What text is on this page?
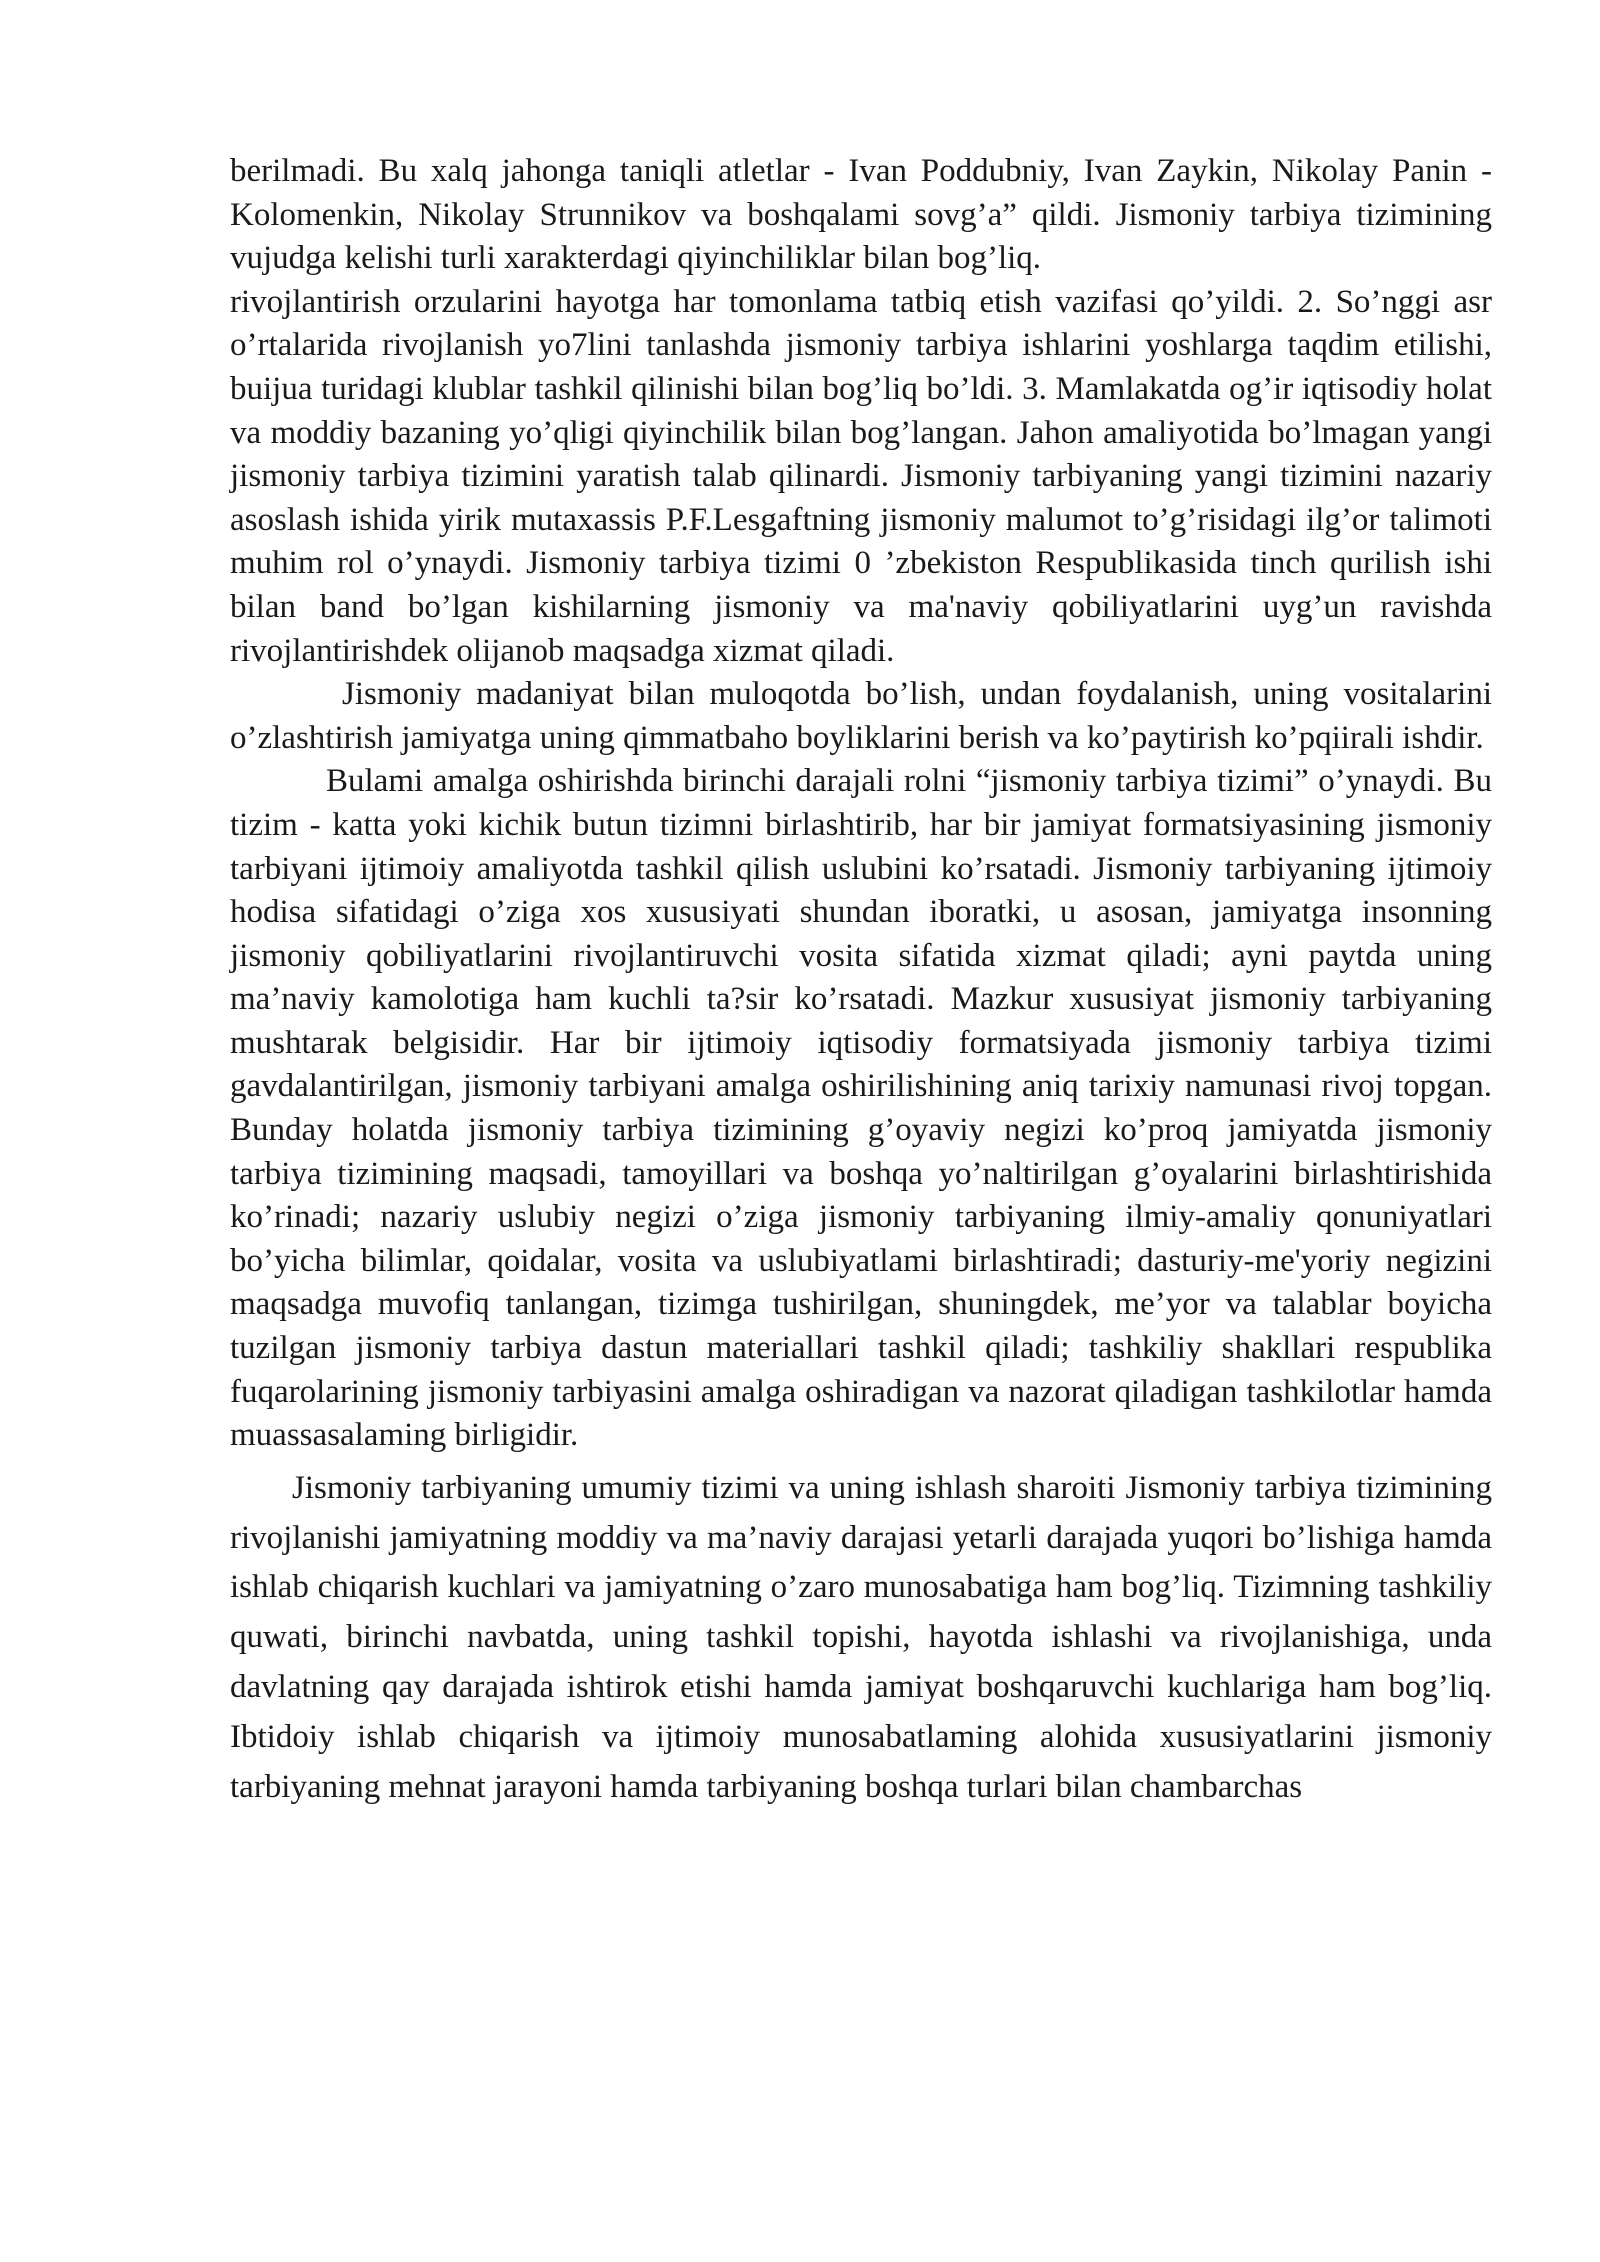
berilmadi. Bu xalq jahonga taniqli atletlar - Ivan Poddubniy, Ivan Zaykin, Nikolay Panin -Kolomenkin, Nikolay Strunnikov va boshqalami sovg’a” qildi. Jismoniy tarbiya tizimining vujudga kelishi turli xarakterdagi qiyinchiliklar bilan bog’liq.

rivojlantirish orzularini hayotga har tomonlama tatbiq etish vazifasi qo’yildi. 2. So’nggi asr o’rtalarida rivojlanish yo7lini tanlashda jismoniy tarbiya ishlarini yoshlarga taqdim etilishi, buijua turidagi klublar tashkil qilinishi bilan bog’liq bo’ldi. 3. Mamlakatda og’ir iqtisodiy holat va moddiy bazaning yo’qligi qiyinchilik bilan bog’langan. Jahon amaliyotida bo’lmagan yangi jismoniy tarbiya tizimini yaratish talab qilinardi. Jismoniy tarbiyaning yangi tizimini nazariy asoslash ishida yirik mutaxassis P.F.Lesgaftning jismoniy malumot to’g’risidagi ilg’or talimoti muhim rol o’ynaydi. Jismoniy tarbiya tizimi 0 ’zbekiston Respublikasida tinch qurilish ishi bilan band bo’lgan kishilarning jismoniy va ma'naviy qobiliyatlarini uyg’un ravishda rivojlantirishdek olijanob maqsadga xizmat qiladi.

Jismoniy madaniyat bilan muloqotda bo’lish, undan foydalanish, uning vositalarini o’zlashtirish jamiyatga uning qimmatbaho boyliklarini berish va ko’paytirish ko’pqiirali ishdir.

Bulami amalga oshirishda birinchi darajali rolni “jismoniy tarbiya tizimi” o’ynaydi. Bu tizim - katta yoki kichik butun tizimni birlashtirib, har bir jamiyat formatsiyasining jismoniy tarbiyani ijtimoiy amaliyotda tashkil qilish uslubini ko’rsatadi. Jismoniy tarbiyaning ijtimoiy hodisa sifatidagi o’ziga xos xususiyati shundan iboratki, u asosan, jamiyatga insonning jismoniy qobiliyatlarini rivojlantiruvchi vosita sifatida xizmat qiladi; ayni paytda uning ma’naviy kamolotiga ham kuchli ta?sir ko’rsatadi. Mazkur xususiyat jismoniy tarbiyaning mushtarak belgisidir. Har bir ijtimoiy iqtisodiy formatsiyada jismoniy tarbiya tizimi gavdalantirilgan, jismoniy tarbiyani amalga oshirilishining aniq tarixiy namunasi rivoj topgan. Bunday holatda jismoniy tarbiya tizimining g’oyaviy negizi ko’proq jamiyatda jismoniy tarbiya tizimining maqsadi, tamoyillari va boshqa yo’naltirilgan g’oyalarini birlashtirishida ko’rinadi; nazariy uslubiy negizi o’ziga jismoniy tarbiyaning ilmiy-amaliy qonuniyatlari bo’yicha bilimlar, qoidalar, vosita va uslubiyatlami birlashtiradi; dasturiy-me'yoriy negizini maqsadga muvofiq tanlangan, tizimga tushirilgan, shuningdek, me’yor va talablar boyicha tuzilgan jismoniy tarbiya dastun materiallari tashkil qiladi; tashkiliy shakllari respublika fuqarolarining jismoniy tarbiyasini amalga oshiradigan va nazorat qiladigan tashkilotlar hamda muassasalaming birligidir.

Jismoniy tarbiyaning umumiy tizimi va uning ishlash sharoiti Jismoniy tarbiya tizimining rivojlanishi jamiyatning moddiy va ma’naviy darajasi yetarli darajada yuqori bo’lishiga hamda ishlab chiqarish kuchlari va jamiyatning o’zaro munosabatiga ham bog’liq. Tizimning tashkiliy quwati, birinchi navbatda, uning tashkil topishi, hayotda ishlashi va rivojlanishiga, unda davlatning qay darajada ishtirok etishi hamda jamiyat boshqaruvchi kuchlariga ham bog’liq. Ibtidoiy ishlab chiqarish va ijtimoiy munosabatlaming alohida xususiyatlarini jismoniy tarbiyaning mehnat jarayoni hamda tarbiyaning boshqa turlari bilan chambarchas
